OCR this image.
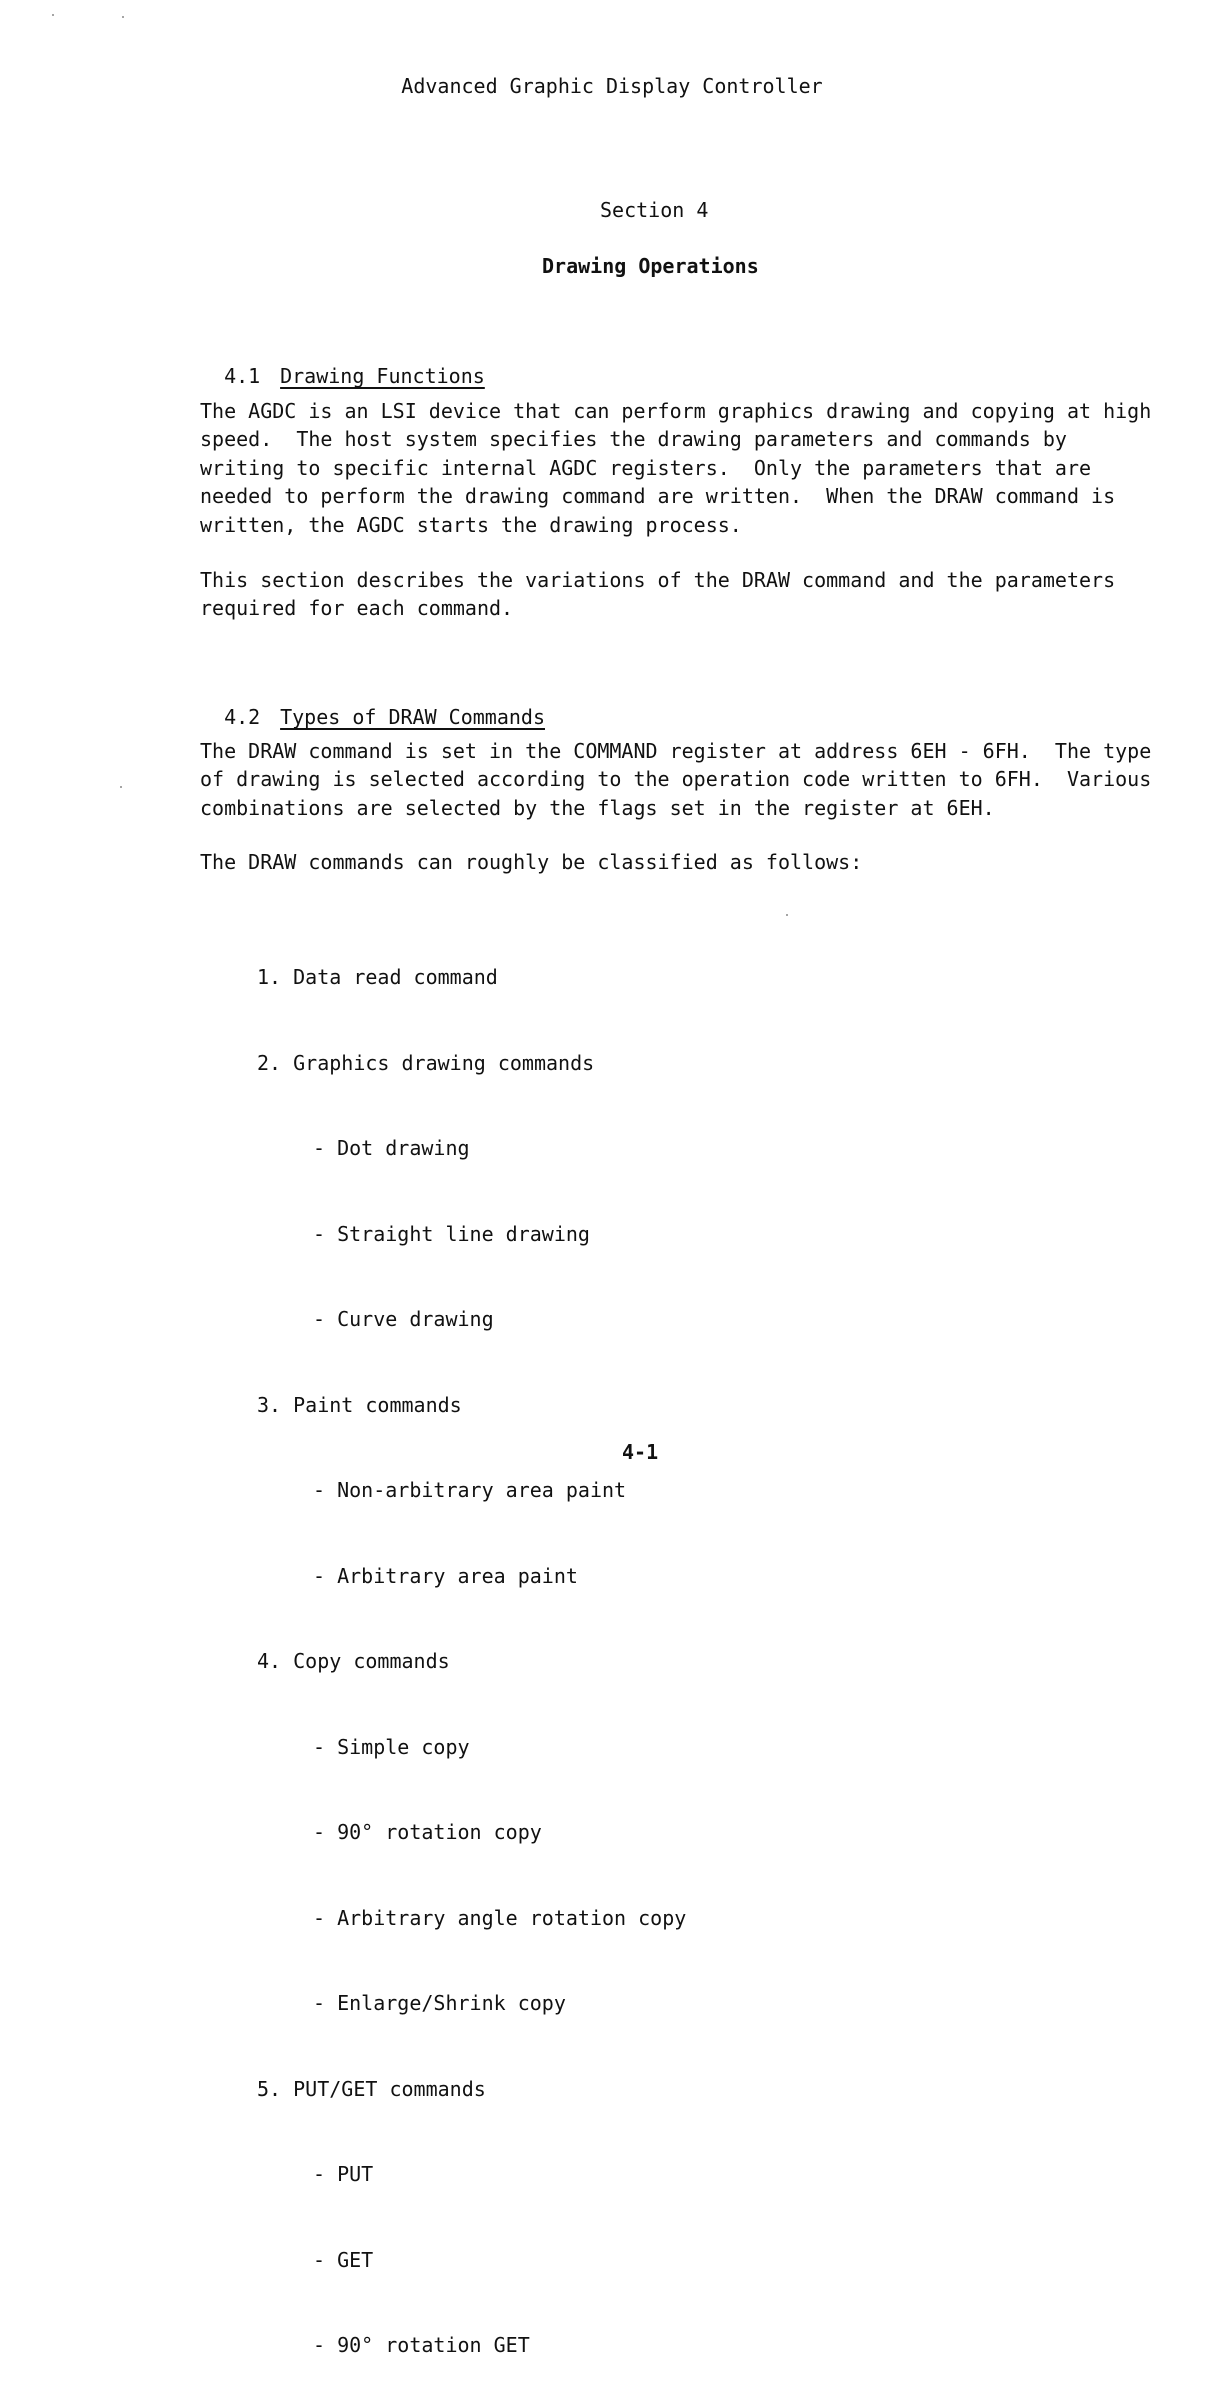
Advanced Graphic Display Controller
Section 4
Drawing Operations

4.1 Drawing Functions

The AGDC is an LSI device that can perform graphics drawing and copying at high
speed.  The host system specifies the drawing parameters and commands by
writing to specific internal AGDC registers.  Only the parameters that are
needed to perform the drawing command are written.  When the DRAW command is
written, the AGDC starts the drawing process.
This section describes the variations of the DRAW command and the parameters
required for each command.

4.2 Types of DRAW Commands

The DRAW command is set in the COMMAND register at address 6EH - 6FH.  The type
of drawing is selected according to the operation code written to 6FH.  Various
combinations are selected by the flags set in the register at 6EH.
The DRAW commands can roughly be classified as follows:

1. Data read command

2. Graphics drawing commands

- Dot drawing

- Straight line drawing

- Curve drawing

3. Paint commands

- Non-arbitrary area paint

- Arbitrary area paint

4. Copy commands

- Simple copy

- 90° rotation copy

- Arbitrary angle rotation copy

- Enlarge/Shrink copy

5. PUT/GET commands

- PUT

- GET

- 90° rotation GET

4-1
